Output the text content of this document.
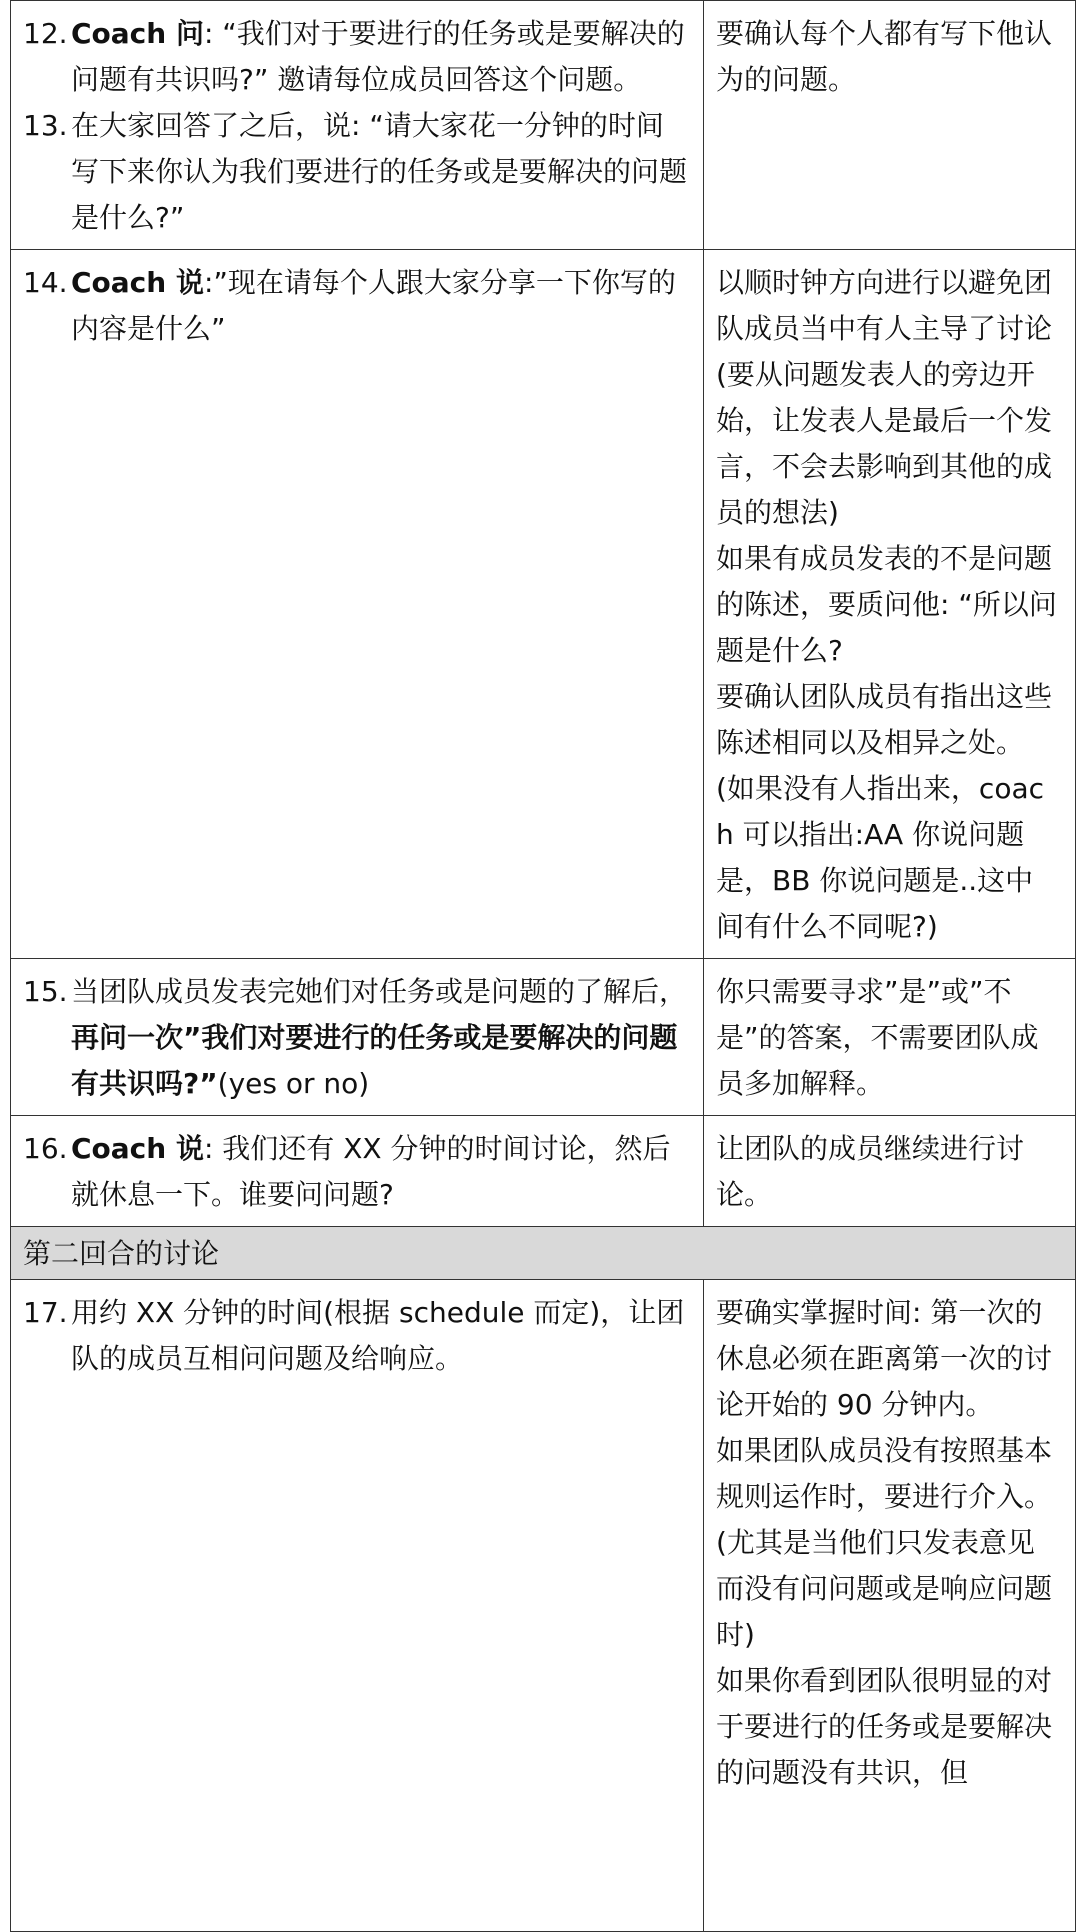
12. Coach 问: “我们对于要进行的任务或是要解决的问题有共识吗?” 邀请每位成员回答这个问题。
13. 在大家回答了之后，说: “请大家花一分钟的时间写下来你认为我们要进行的任务或是要解决的问题是什么?”	要确认每个人都有写下他认为的问题。

14. Coach 说:”现在请每个人跟大家分享一下你写的内容是什么”	以顺时钟方向进行以避免团队成员当中有人主导了讨论(要从问题发表人的旁边开始，让发表人是最后一个发言，不会去影响到其他的成员的想法)
如果有成员发表的不是问题的陈述，要质问他: “所以问题是什么?
要确认团队成员有指出这些陈述相同以及相异之处。(如果没有人指出来，coach 可以指出:AA 你说问题是，BB 你说问题是..这中间有什么不同呢?)

15. 当团队成员发表完她们对任务或是问题的了解后，再问一次”我们对要进行的任务或是要解决的问题有共识吗?”(yes or no)	你只需要寻求”是”或”不是”的答案，不需要团队成员多加解释。

16. Coach 说: 我们还有 XX 分钟的时间讨论，然后就休息一下。谁要问问题?	让团队的成员继续进行讨论。

第二回合的讨论	

17. 用约 XX 分钟的时间(根据 schedule 而定)，让团队的成员互相问问题及给响应。	要确实掌握时间: 第一次的休息必须在距离第一次的讨论开始的 90 分钟内。
如果团队成员没有按照基本规则运作时，要进行介入。(尤其是当他们只发表意见而没有问问题或是响应问题时)
如果你看到团队很明显的对于要进行的任务或是要解决的问题没有共识，但
